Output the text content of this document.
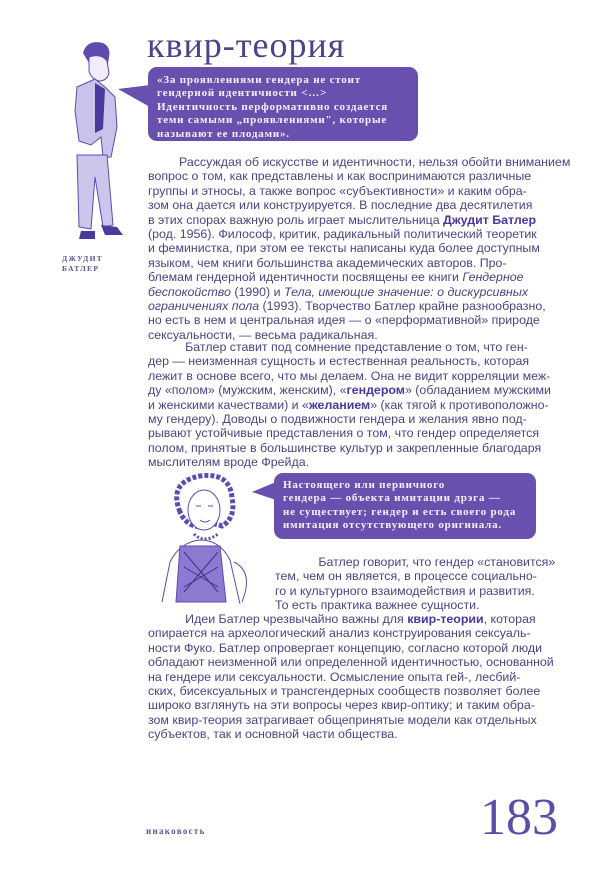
квир-теория
ДЖУДИТ
БАТЛЕР
«За проявлениями гендера не стоит
гендерной идентичности <…>
Идентичность перформативно создается
теми самыми „проявлениями", которые
называют ее плодами».
Настоящего или первичного
гендера — объекта имитации дрэга —
не существует; гендер и есть своего рода
имитация отсутствующего оригинала.
   Рассуждая об искусстве и идентичности, нельзя обойти вниманием
вопрос о том, как представлены и как воспринимаются различные
группы и этносы, а также вопрос «субъективности» и каким обра-
зом она дается или конструируется. В последние два десятилетия
в этих спорах важную роль играет мыслительница Джудит Батлер
(род. 1956). Философ, критик, радикальный политический теоретик
и феминистка, при этом ее тексты написаны куда более доступным
языком, чем книги большинства академических авторов. Про-
блемам гендерной идентичности посвящены ее книги Гендерное
беспокойство (1990) и Тела, имеющие значение: о дискурсивных
ограничениях пола (1993). Творчество Батлер крайне разнообразно,
но есть в нем и центральная идея — о «перформативной» природе
сексуальности, — весьма радикальная.
   Батлер ставит под сомнение представление о том, что ген-
дер — неизменная сущность и естественная реальность, которая
лежит в основе всего, что мы делаем. Она не видит корреляции меж-
ду «полом» (мужским, женским), «гендером» (обладанием мужскими
и женскими качествами) и «желанием» (как тягой к противоположно-
му гендеру). Доводы о подвижности гендера и желания явно под-
рывают устойчивые представления о том, что гендер определяется
полом, принятые в большинстве культур и закрепленные благодаря
мыслителям вроде Фрейда.
    Батлер говорит, что гендер «становится»
тем, чем он является, в процессе социально-
го и культурного взаимодействия и развития.
То есть практика важнее сущности.
   Идеи Батлер чрезвычайно важны для квир-теории, которая
опирается на археологический анализ конструирования сексуаль-
ности Фуко. Батлер опровергает концепцию, согласно которой люди
обладают неизменной или определенной идентичностью, основанной
на гендере или сексуальности. Осмысление опыта гей-, лесбий-
ских, бисексуальных и трансгендерных сообществ позволяет более
широко взглянуть на эти вопросы через квир-оптику; и таким обра-
зом квир-теория затрагивает общепринятые модели как отдельных
субъектов, так и основной части общества.
инаковость	183
